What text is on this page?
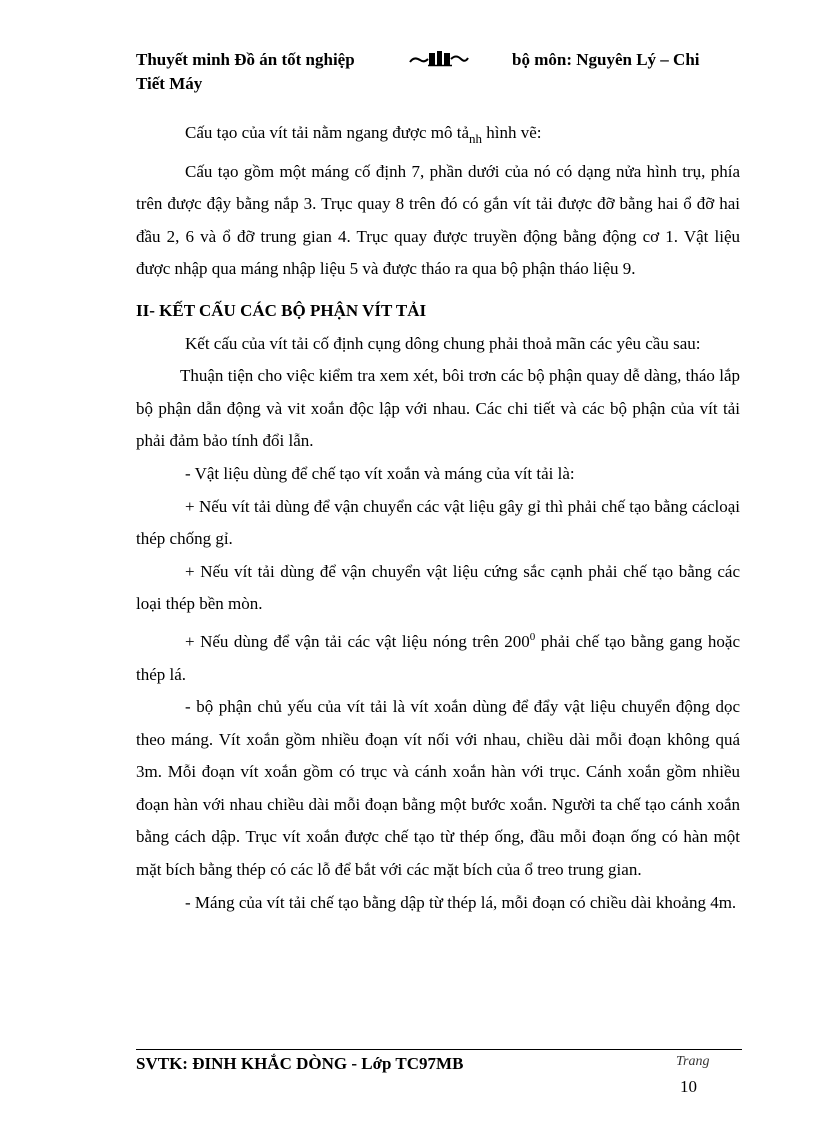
Thuyết minh Đồ án tốt nghiệp	bộ môn: Nguyên Lý – Chi
Tiết Máy

Cấu tạo của vít tải nằm ngang được mô tả$_{nh}$ hình vẽ:

Cấu tạo gồm một máng cố định 7, phần dưới của nó có dạng nửa hình trụ, phía trên được đậy bằng nắp 3. Trục quay 8 trên đó có gắn vít tải được đỡ bằng hai ổ đỡ hai đầu 2, 6 và ổ đỡ trung gian 4. Trục quay được truyền động bằng động cơ 1. Vật liệu được nhập qua máng nhập liệu 5 và được tháo ra qua bộ phận tháo liệu 9.

II- KẾT CẤU CÁC BỘ PHẬN VÍT TẢI

Kết cấu của vít tải cố định cụng dông chung phải thoả mãn các yêu cầu sau:

Thuận tiện cho việc kiểm tra xem xét, bôi trơn các bộ phận quay dễ dàng, tháo lắp bộ phận dẫn động và vit xoắn độc lập với nhau. Các chi tiết và các bộ phận của vít tải phải đảm bảo tính đổi lẫn.

- Vật liệu dùng để chế tạo vít xoắn và máng của vít tải là:

+ Nếu vít tải dùng để vận chuyển các vật liệu gây gỉ thì phải chế tạo bằng cácloại thép chống gỉ.

+ Nếu vít tải dùng để vận chuyển vật liệu cứng sắc cạnh phải chế tạo bằng các loại thép bền mòn.

+ Nếu dùng để vận tải các vật liệu nóng trên $200^0$ phải chế tạo bằng gang hoặc thép lá.

- bộ phận chủ yếu của vít tải là vít xoắn dùng để đẩy vật liệu chuyển động dọc theo máng. Vít xoắn gồm nhiều đoạn vít nối với nhau, chiều dài mỗi đoạn không quá 3m. Mỗi đoạn vít xoắn gồm có trục và cánh xoắn hàn với trục. Cánh xoắn gồm nhiều đoạn hàn với nhau chiều dài mỗi đoạn bằng một bước xoắn. Người ta chế tạo cánh xoắn bằng cách dập. Trục vít xoắn được chế tạo từ thép ống, đầu mỗi đoạn ống có hàn một mặt bích bằng thép có các lỗ để bắt với các mặt bích của ổ treo trung gian.

- Máng của vít tải chế tạo bằng dập từ thép lá, mỗi đoạn có chiều dài khoảng 4m.

SVTK: ĐINH KHẮC DÒNG - Lớp TC97MB	Trang
10
